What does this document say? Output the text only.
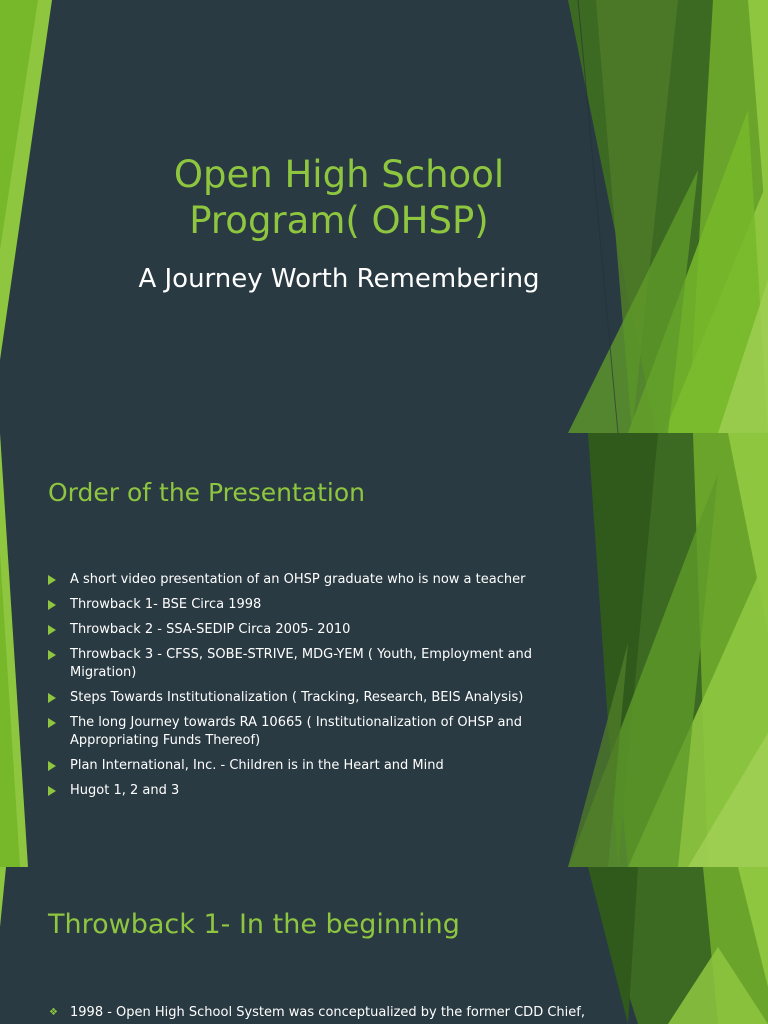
Open High School
Program( OHSP)

A Journey Worth Remembering

Order of the Presentation
A short video presentation of an OHSP graduate who is now a teacher
Throwback 1- BSE Circa 1998
Throwback 2 - SSA-SEDIP Circa 2005- 2010
Throwback 3 - CFSS, SOBE-STRIVE, MDG-YEM ( Youth, Employment and Migration)
Steps Towards Institutionalization ( Tracking, Research, BEIS Analysis)
The long Journey towards RA 10665 ( Institutionalization of OHSP and Appropriating Funds Thereof)
Plan International, Inc. - Children is in the Heart and Mind
Hugot 1, 2 and 3
Throwback 1- In the beginning
❖ 1998 - Open High School System was conceptualized by the former CDD Chief,
